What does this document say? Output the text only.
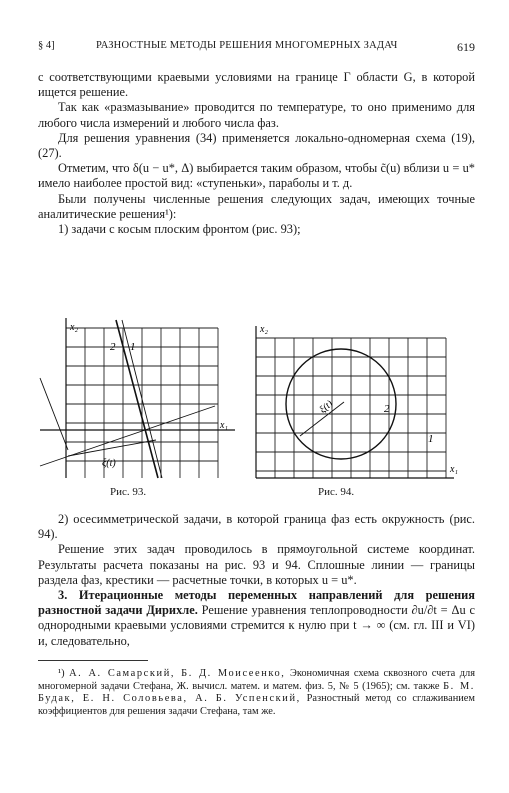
§ 4]	РАЗНОСТНЫЕ МЕТОДЫ РЕШЕНИЯ МНОГОМЕРНЫХ ЗАДАЧ	619

с соответствующими краевыми условиями на границе Γ области G, в которой ищется решение.

Так как «размазывание» проводится по температуре, то оно применимо для любого числа измерений и любого числа фаз.

Для решения уравнения (34) применяется локально-одномерная схема (19), (27).

Отметим, что δ(u − u*, Δ) выбирается таким образом, чтобы c̃(u) вблизи u = u* имело наиболее простой вид: «ступеньки», параболы и т. д.

Были получены численные решения следующих задач, имеющих точные аналитические решения¹):

1) задачи с косым плоским фронтом (рис. 93);

x₂
x₁
2 1
ξ(t)
x₂
x₁
2
1
ξ(t)
Рис. 93.	Рис. 94.

2) осесимметрической задачи, в которой граница фаз есть окружность (рис. 94).

Решение этих задач проводилось в прямоугольной системе координат. Результаты расчета показаны на рис. 93 и 94. Сплошные линии — границы раздела фаз, крестики — расчетные точки, в которых u = u*.

3. Итерационные методы переменных направлений для решения разностной задачи Дирихле. Решение уравнения теплопроводности ∂u/∂t = Δu с однородными краевыми условиями стремится к нулю при t → ∞ (см. гл. III и VI) и, следовательно,

¹) А. А. Самарский, Б. Д. Моисеенко, Экономичная схема сквозного счета для многомерной задачи Стефана, Ж. вычисл. матем. и матем. физ. 5, № 5 (1965); см. также Б. М. Будак, Е. Н. Соловьева, А. Б. Успенский, Разностный метод со сглаживанием коэффициентов для решения задачи Стефана, там же.
